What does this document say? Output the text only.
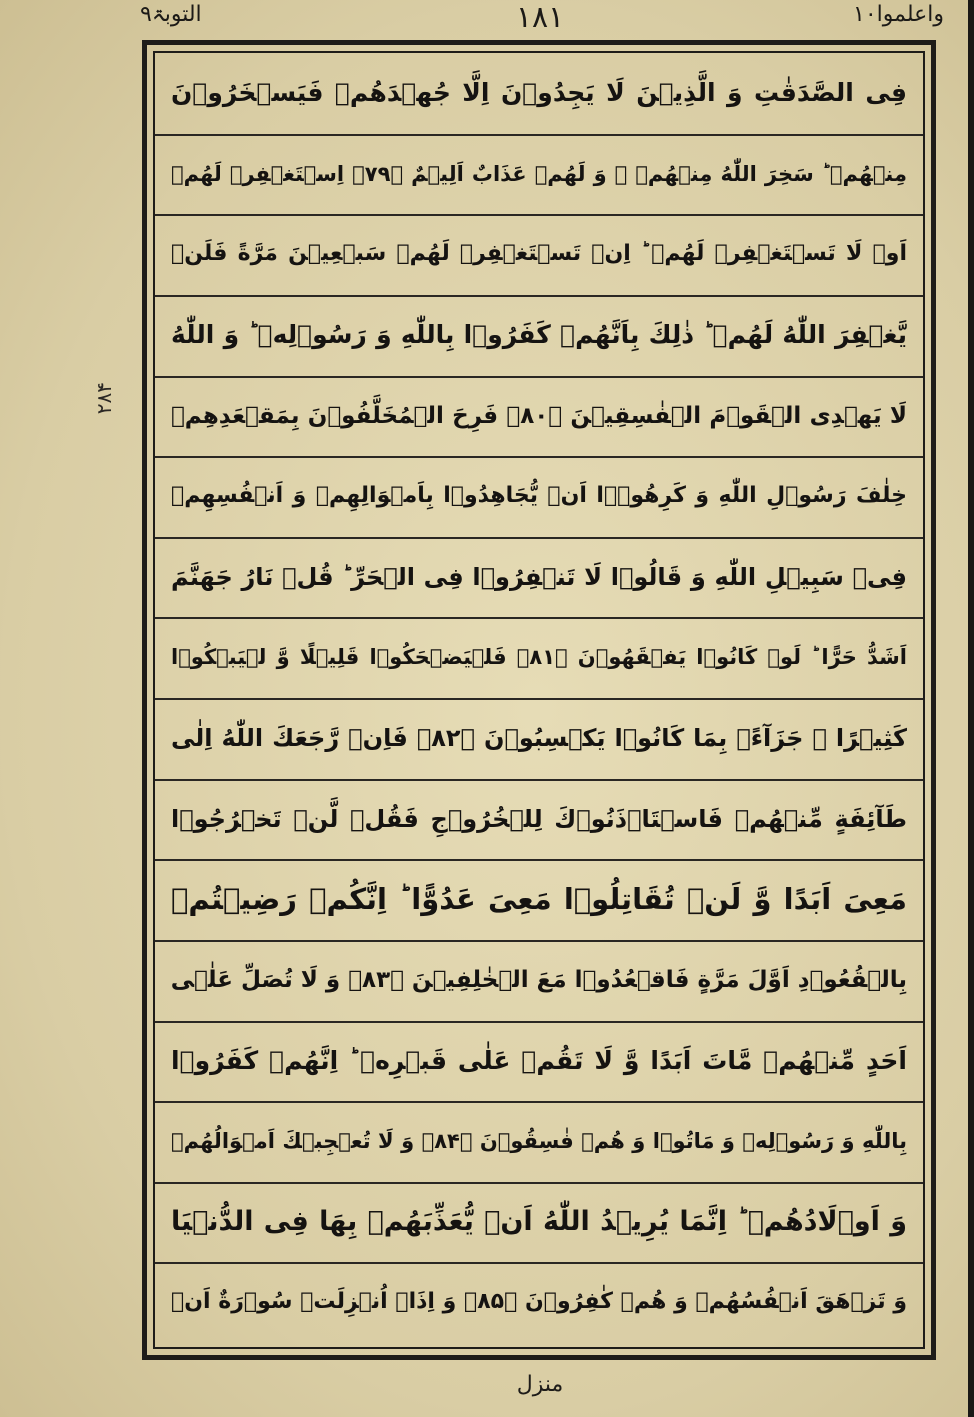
واعلموا۱۰
۱۸۱
التوبۃ۹
۲۸۴
فِی الصَّدَقٰتِ وَ الَّذِیۡنَ لَا یَجِدُوۡنَ اِلَّا جُهۡدَهُمۡ فَیَسۡخَرُوۡنَ
مِنۡهُمۡ ؕ سَخِرَ اللّٰهُ مِنۡهُمۡ ۫ وَ لَهُمۡ عَذَابٌ اَلِیۡمٌ ﴿۷۹﴾ اِسۡتَغۡفِرۡ لَهُمۡ
اَوۡ لَا تَسۡتَغۡفِرۡ لَهُمۡ ؕ اِنۡ تَسۡتَغۡفِرۡ لَهُمۡ سَبۡعِیۡنَ مَرَّةً فَلَنۡ
یَّغۡفِرَ اللّٰهُ لَهُمۡ ؕ ذٰلِكَ بِاَنَّهُمۡ كَفَرُوۡا بِاللّٰهِ وَ رَسُوۡلِهٖ ؕ وَ اللّٰهُ
لَا یَهۡدِی الۡقَوۡمَ الۡفٰسِقِیۡنَ ﴿۸۰﴾ فَرِحَ الۡمُخَلَّفُوۡنَ بِمَقۡعَدِهِمۡ
خِلٰفَ رَسُوۡلِ اللّٰهِ وَ كَرِهُوۡۤا اَنۡ یُّجَاهِدُوۡا بِاَمۡوَالِهِمۡ وَ اَنۡفُسِهِمۡ
فِیۡ سَبِیۡلِ اللّٰهِ وَ قَالُوۡا لَا تَنۡفِرُوۡا فِی الۡحَرِّ ؕ قُلۡ نَارُ جَهَنَّمَ
اَشَدُّ حَرًّا ؕ لَوۡ كَانُوۡا یَفۡقَهُوۡنَ ﴿۸۱﴾ فَلۡیَضۡحَكُوۡا قَلِیۡلًا وَّ لۡیَبۡكُوۡا
كَثِیۡرًا ۚ جَزَآءًۢ بِمَا كَانُوۡا یَكۡسِبُوۡنَ ﴿۸۲﴾ فَاِنۡ رَّجَعَكَ اللّٰهُ اِلٰی
طَآئِفَةٍ مِّنۡهُمۡ فَاسۡتَاۡذَنُوۡكَ لِلۡخُرُوۡجِ فَقُلۡ لَّنۡ تَخۡرُجُوۡا
مَعِیَ اَبَدًا وَّ لَنۡ تُقَاتِلُوۡا مَعِیَ عَدُوًّا ؕ اِنَّكُمۡ رَضِیۡتُمۡ
بِالۡقُعُوۡدِ اَوَّلَ مَرَّةٍ فَاقۡعُدُوۡا مَعَ الۡخٰلِفِیۡنَ ﴿۸۳﴾ وَ لَا تُصَلِّ عَلٰۤی
اَحَدٍ مِّنۡهُمۡ مَّاتَ اَبَدًا وَّ لَا تَقُمۡ عَلٰی قَبۡرِهٖ ؕ اِنَّهُمۡ كَفَرُوۡا
بِاللّٰهِ وَ رَسُوۡلِهٖ وَ مَاتُوۡا وَ هُمۡ فٰسِقُوۡنَ ﴿۸۴﴾ وَ لَا تُعۡجِبۡكَ اَمۡوَالُهُمۡ
وَ اَوۡلَادُهُمۡ ؕ اِنَّمَا یُرِیۡدُ اللّٰهُ اَنۡ یُّعَذِّبَهُمۡ بِهَا فِی الدُّنۡیَا
وَ تَزۡهَقَ اَنۡفُسُهُمۡ وَ هُمۡ كٰفِرُوۡنَ ﴿۸۵﴾ وَ اِذَاۤ اُنۡزِلَتۡ سُوۡرَةٌ اَنۡ
منزل
